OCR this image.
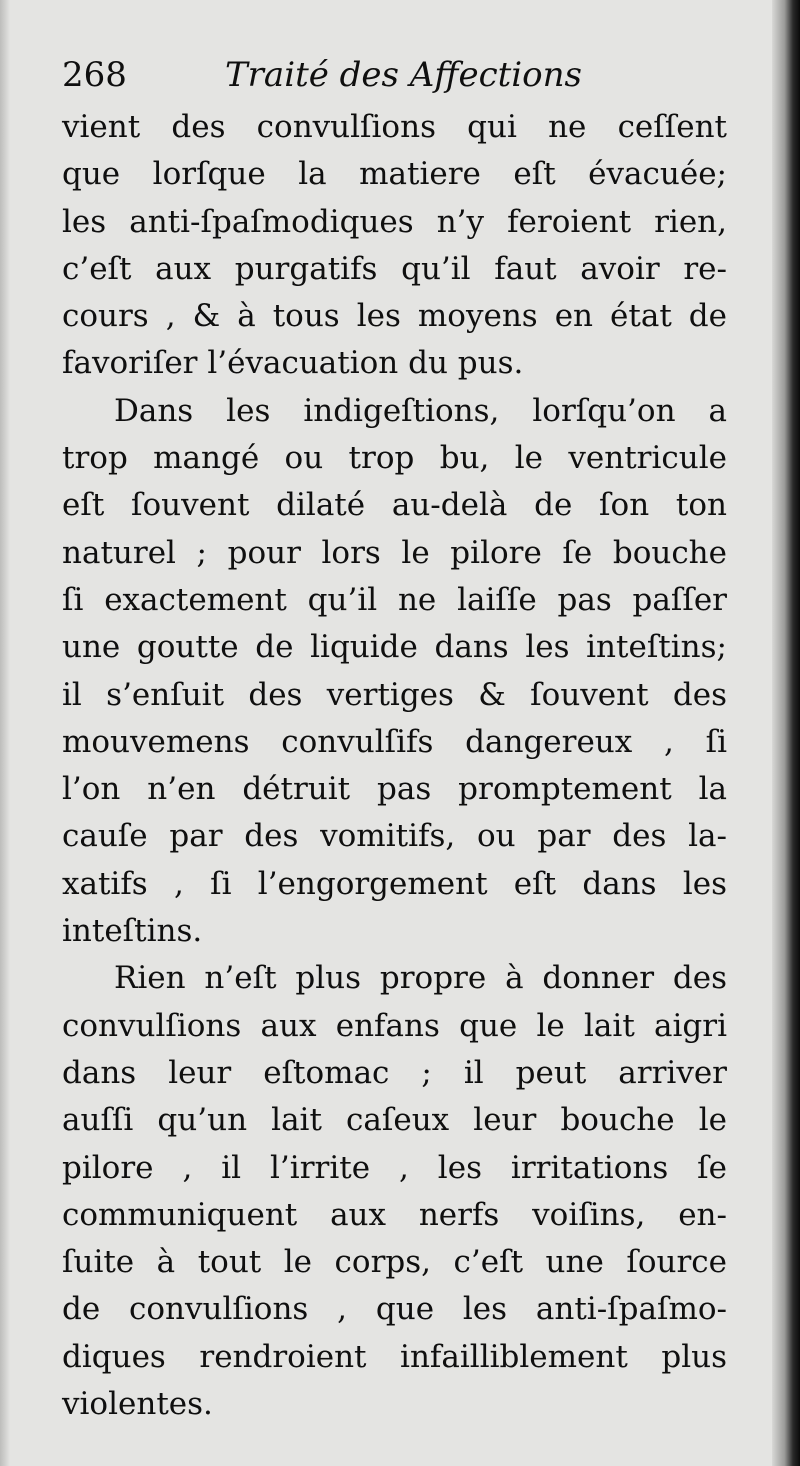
268	Traité des Affections
vient des convulſions qui ne ceſſent
que lorſque la matiere eſt évacuée;
les anti-ſpaſmodiques n’y feroient rien,
c’eſt aux purgatifs qu’il faut avoir re-
cours , & à tous les moyens en état de
favoriſer l’évacuation du pus.
Dans les indigeſtions, lorſqu’on a
trop mangé ou trop bu, le ventricule
eſt ſouvent dilaté au-delà de ſon ton
naturel ; pour lors le pilore ſe bouche
ſi exactement qu’il ne laiſſe pas paſſer
une goutte de liquide dans les inteſtins;
il s’enſuit des vertiges & ſouvent des
mouvemens convulſifs dangereux , ſi
l’on n’en détruit pas promptement la
cauſe par des vomitifs, ou par des la-
xatifs , ſi l’engorgement eſt dans les
inteſtins.
Rien n’eſt plus propre à donner des
convulſions aux enfans que le lait aigri
dans leur eſtomac ; il peut arriver
auſſi qu’un lait caſeux leur bouche le
pilore , il l’irrite , les irritations ſe
communiquent aux nerfs voiſins, en-
ſuite à tout le corps, c’eſt une ſource
de convulſions , que les anti-ſpaſmo-
diques rendroient infailliblement plus
violentes.
